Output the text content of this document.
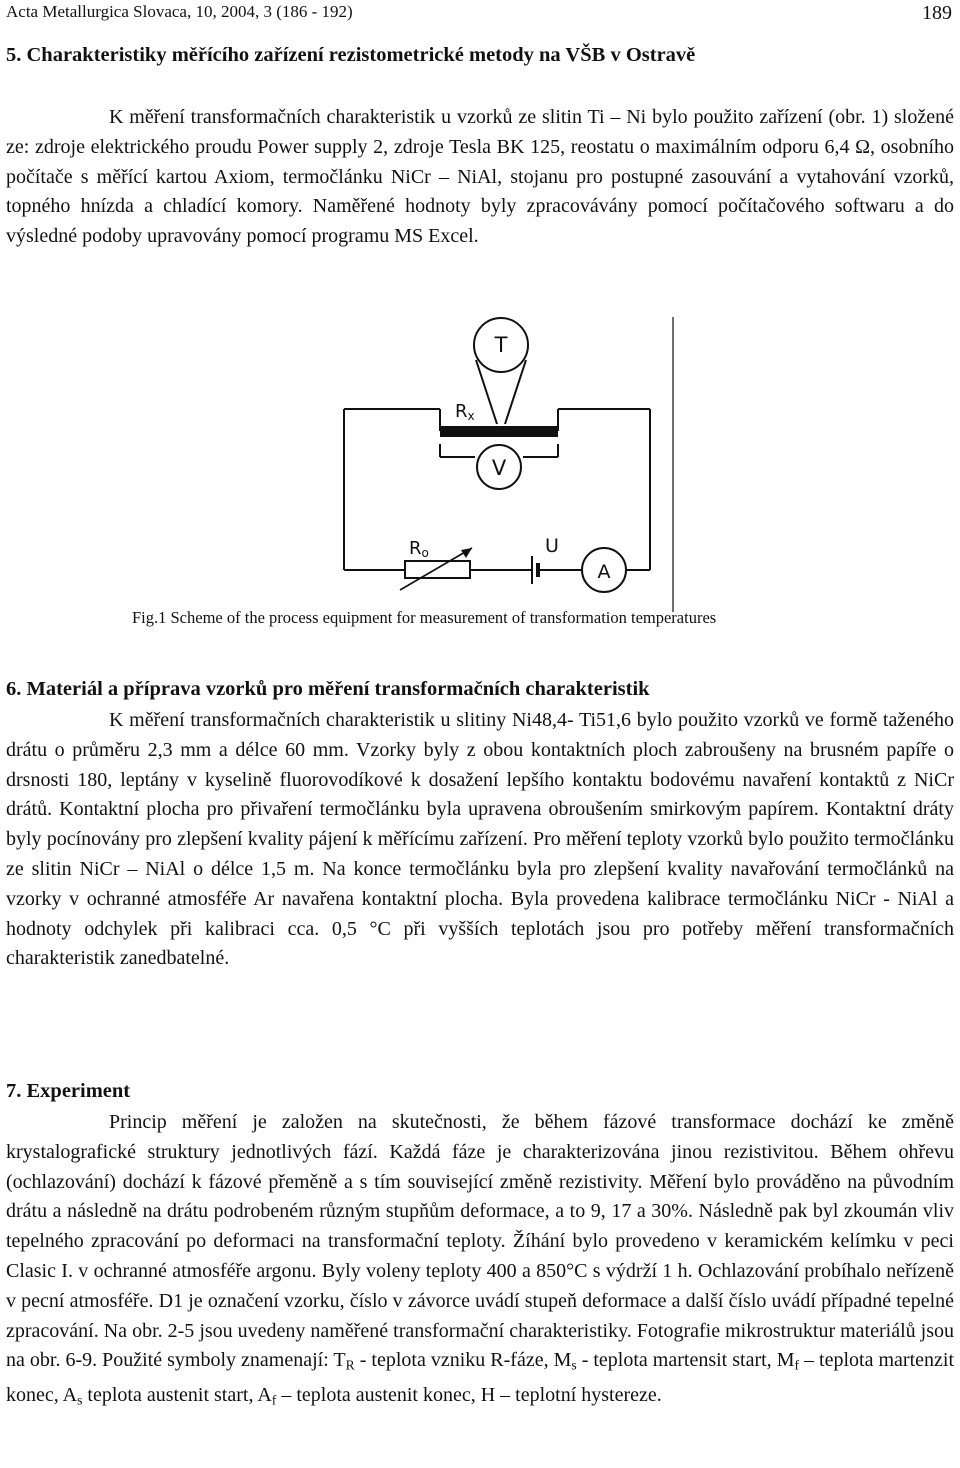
Acta Metallurgica Slovaca, 10, 2004, 3 (186 - 192)	189
5. Charakteristiky měřícího zařízení rezistometrické metody na VŠB v Ostravě

K měření transformačních charakteristik u vzorků ze slitin Ti – Ni bylo použito zařízení (obr. 1) složené ze: zdroje elektrického proudu Power supply 2, zdroje Tesla BK 125, reostatu o maximálním odporu 6,4 Ω, osobního počítače s měřící kartou Axiom, termočlánku NiCr – NiAl, stojanu pro postupné zasouvání a vytahování vzorků, topného hnízda a chladící komory. Naměřené hodnoty byly zpracovávány pomocí počítačového softwaru a do výsledné podoby upravovány pomocí programu MS Excel.

T
Rx
V
Ro	U
A
Fig.1 Scheme of the process equipment for measurement of transformation temperatures
6. Materiál a příprava vzorků pro měření transformačních charakteristik

K měření transformačních charakteristik u slitiny Ni48,4- Ti51,6 bylo použito vzorků ve formě taženého drátu o průměru 2,3 mm a délce 60 mm. Vzorky byly z obou kontaktních ploch zabroušeny na brusném papíře o drsnosti 180, leptány v kyselině fluorovodíkové k dosažení lepšího kontaktu bodovému navaření kontaktů z NiCr drátů. Kontaktní plocha pro přivaření termočlánku byla upravena obroušením smirkovým papírem. Kontaktní dráty byly pocínovány pro zlepšení kvality pájení k měřícímu zařízení. Pro měření teploty vzorků bylo použito termočlánku ze slitin NiCr – NiAl o délce 1,5 m. Na konce termočlánku byla pro zlepšení kvality navařování termočlánků na vzorky v ochranné atmosféře Ar navařena kontaktní plocha. Byla provedena kalibrace termočlánku NiCr - NiAl a hodnoty odchylek při kalibraci cca. 0,5 °C při vyšších teplotách jsou pro potřeby měření transformačních charakteristik zanedbatelné.

7. Experiment

Princip měření je založen na skutečnosti, že během fázové transformace dochází ke změně krystalografické struktury jednotlivých fází. Každá fáze je charakterizována jinou rezistivitou. Během ohřevu (ochlazování) dochází k fázové přeměně a s tím související změně rezistivity. Měření bylo prováděno na původním drátu a následně na drátu podrobeném různým stupňům deformace, a to 9, 17 a 30%. Následně pak byl zkoumán vliv tepelného zpracování po deformaci na transformační teploty. Žíhání bylo provedeno v keramickém kelímku v peci Clasic I. v ochranné atmosféře argonu. Byly voleny teploty 400 a 850°C s výdrží 1 h. Ochlazování probíhalo neřízeně v pecní atmosféře. D1 je označení vzorku, číslo v závorce uvádí stupeň deformace a další číslo uvádí případné tepelné zpracování. Na obr. 2-5 jsou uvedeny naměřené transformační charakteristiky. Fotografie mikrostruktur materiálů jsou na obr. 6-9. Použité symboly znamenají: $T_R$ - teplota vzniku R-fáze, $M_s$ - teplota martensit start, $M_f$ – teplota martenzit konec, $A_s$ teplota austenit start, $A_f$ – teplota austenit konec, H – teplotní hystereze.
